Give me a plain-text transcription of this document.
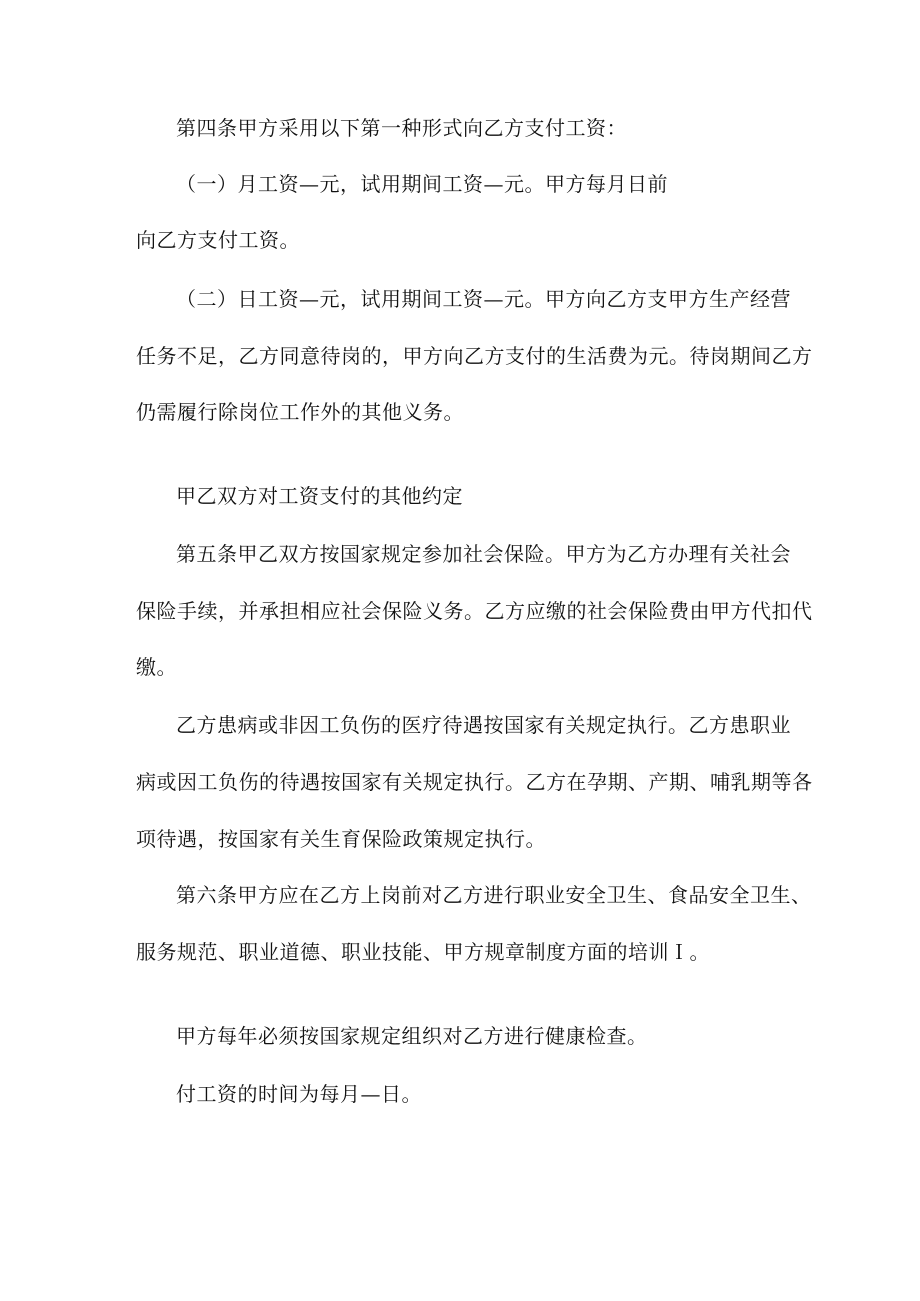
第四条甲方采用以下第一种形式向乙方支付工资：
（一）月工资—元，试用期间工资—元。甲方每月日前
向乙方支付工资。
（二）日工资—元，试用期间工资—元。甲方向乙方支甲方生产经营
任务不足，乙方同意待岗的，甲方向乙方支付的生活费为元。待岗期间乙方
仍需履行除岗位工作外的其他义务。
甲乙双方对工资支付的其他约定
第五条甲乙双方按国家规定参加社会保险。甲方为乙方办理有关社会
保险手续，并承担相应社会保险义务。乙方应缴的社会保险费由甲方代扣代
缴。
乙方患病或非因工负伤的医疗待遇按国家有关规定执行。乙方患职业
病或因工负伤的待遇按国家有关规定执行。乙方在孕期、产期、哺乳期等各
项待遇，按国家有关生育保险政策规定执行。
第六条甲方应在乙方上岗前对乙方进行职业安全卫生、食品安全卫生、
服务规范、职业道德、职业技能、甲方规章制度方面的培训Ｉ。
甲方每年必须按国家规定组织对乙方进行健康检查。
付工资的时间为每月—日。
